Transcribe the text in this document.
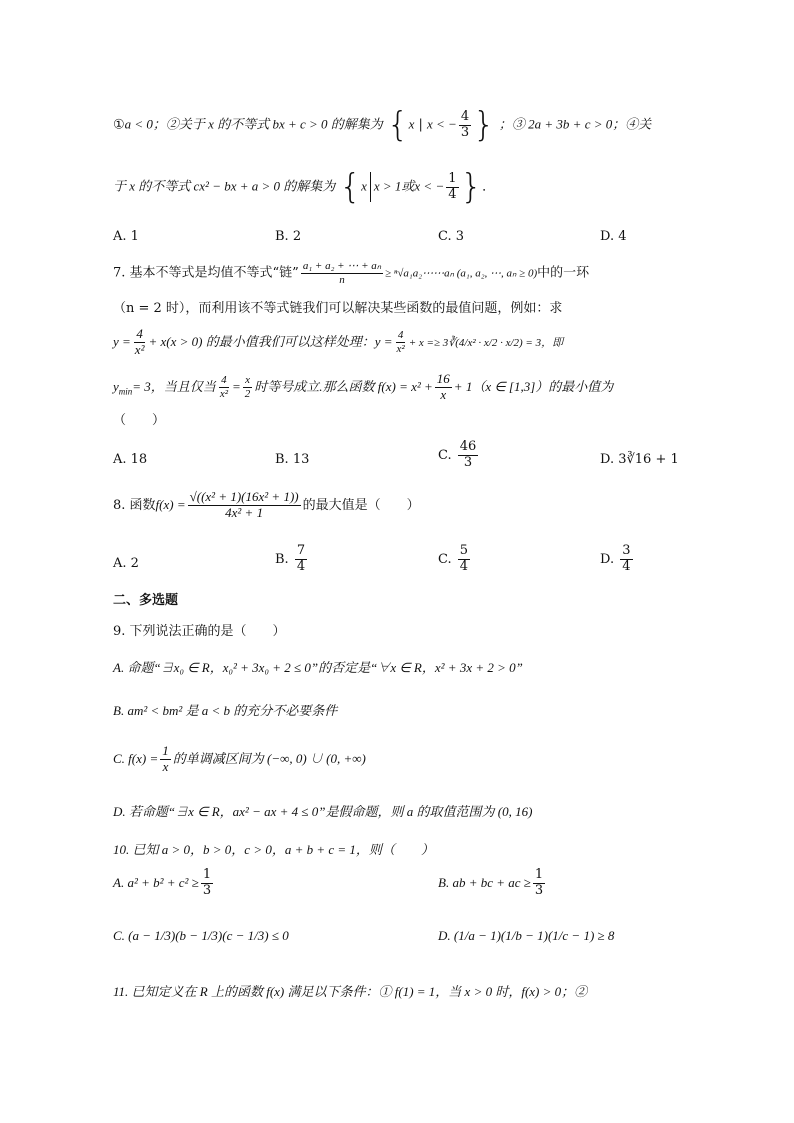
①a < 0；②关于 x 的不等式 bx + c > 0 的解集为 {x | x < − $\frac{4}{3}$ } ；③ 2a + 3b + c > 0；④关
于 x 的不等式 cx² − bx + a > 0 的解集为 {x x > 1或x < − $\frac{1}{4}$ }．
A. 1	B. 2	C. 3	D. 4
7. 基本不等式是均值不等式“链” $\frac{\text{a₁ + a₂ + ⋯ + aₙ}}{n}$ ≥ ⁿ√a₁a₂⋯⋯aₙ (a₁, a₂, ⋯, aₙ ≥ 0)中的一环
（n = 2 时），而利用该不等式链我们可以解决某些函数的最值问题，例如：求
$y = \frac{4}{\text{x²}} + x(x > 0)$ 的最小值我们可以这样处理：$y = \frac{4}{\text{x²}} + x$ =≥ 3∛(4/x² · x/2 · x/2) = 3，即
$y_{min}= 3$，当且仅当 $\frac{4}{\text{x²}} = \frac{x}{2}$ 时等号成立.那么函数 $f(x) = x^2 + \frac{16}{x} + 1(x$ ∈ [1,3]）的最小值为
（　　）
A. 18	B. 13	C. $\frac{46}{3}$	D. 3∛16 + 1
8. 函数$f(x) = \frac{\text{√((x² + 1)(16x² + 1))}}{\text{4x² + 1}}$ 的最大值是（　　）
A. 2	B. $\frac{7}{4}$	C. $\frac{5}{4}$	D. $\frac{3}{4}$
二、多选题
9. 下列说法正确的是（　　）
A. 命题“∃x₀ ∈ R，x₀² + 3x₀ + 2 ≤ 0”的否定是“∀x ∈ R，x² + 3x + 2 > 0”
B. am² < bm² 是 a < b 的充分不必要条件
C. $f(x) = \frac{1}{x}$ 的单调减区间为 (−∞, 0) ∪ (0, +∞)
D. 若命题“∃x ∈ R，ax² − ax + 4 ≤ 0”是假命题，则 a 的取值范围为 (0, 16)
10. 已知 a > 0，b > 0，c > 0，a + b + c = 1，则（　　）
A. $a^2 + b^2 + c^2 \ge \frac{1}{3}$	B. ab + bc + ac ≥ $\frac{1}{3}$
C. (a − 1/3)(b − 1/3)(c − 1/3) ≤ 0	D. (1/a − 1)(1/b − 1)(1/c − 1) ≥ 8
11. 已知定义在 R 上的函数 f(x) 满足以下条件：① f(1) = 1，当 x > 0 时，f(x) > 0；②
